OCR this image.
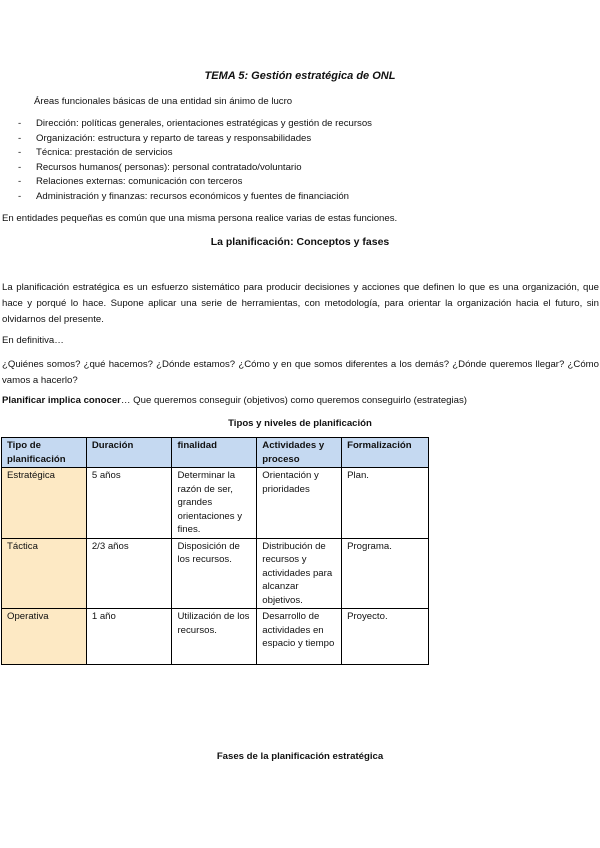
TEMA 5: Gestión estratégica de ONL
Áreas funcionales básicas de una entidad sin ánimo de lucro
- Dirección: políticas generales, orientaciones estratégicas y gestión de recursos
- Organización: estructura y reparto de tareas y responsabilidades
- Técnica: prestación de servicios
- Recursos humanos( personas): personal contratado/voluntario
- Relaciones externas: comunicación con terceros
- Administración y finanzas: recursos económicos y fuentes de financiación
En entidades pequeñas es común que una misma persona realice varias de estas funciones.
La planificación: Conceptos y fases
La planificación estratégica es un esfuerzo sistemático para producir decisiones y acciones que definen lo que es una organización, que hace y porqué lo hace. Supone aplicar una serie de herramientas, con metodología, para orientar la organización hacia el futuro, sin olvidarnos del presente.
En definitiva…
¿Quiénes somos? ¿qué hacemos? ¿Dónde estamos? ¿Cómo y en que somos diferentes a los demás? ¿Dónde queremos llegar? ¿Cómo vamos a hacerlo?
Planificar implica conocer… Que queremos conseguir (objetivos) como queremos conseguirlo (estrategias)
Tipos y niveles de planificación
Tipo de planificación	Duración	finalidad	Actividades y proceso	Formalización
Estratégica	5 años	Determinar la razón de ser, grandes orientaciones y fines.	Orientación y prioridades	Plan.
Táctica	2/3 años	Disposición de los recursos.	Distribución de recursos y actividades para alcanzar objetivos.	Programa.
Operativa	1 año	Utilización de los recursos.	Desarrollo de actividades en espacio y tiempo	Proyecto.
Fases de la planificación estratégica
